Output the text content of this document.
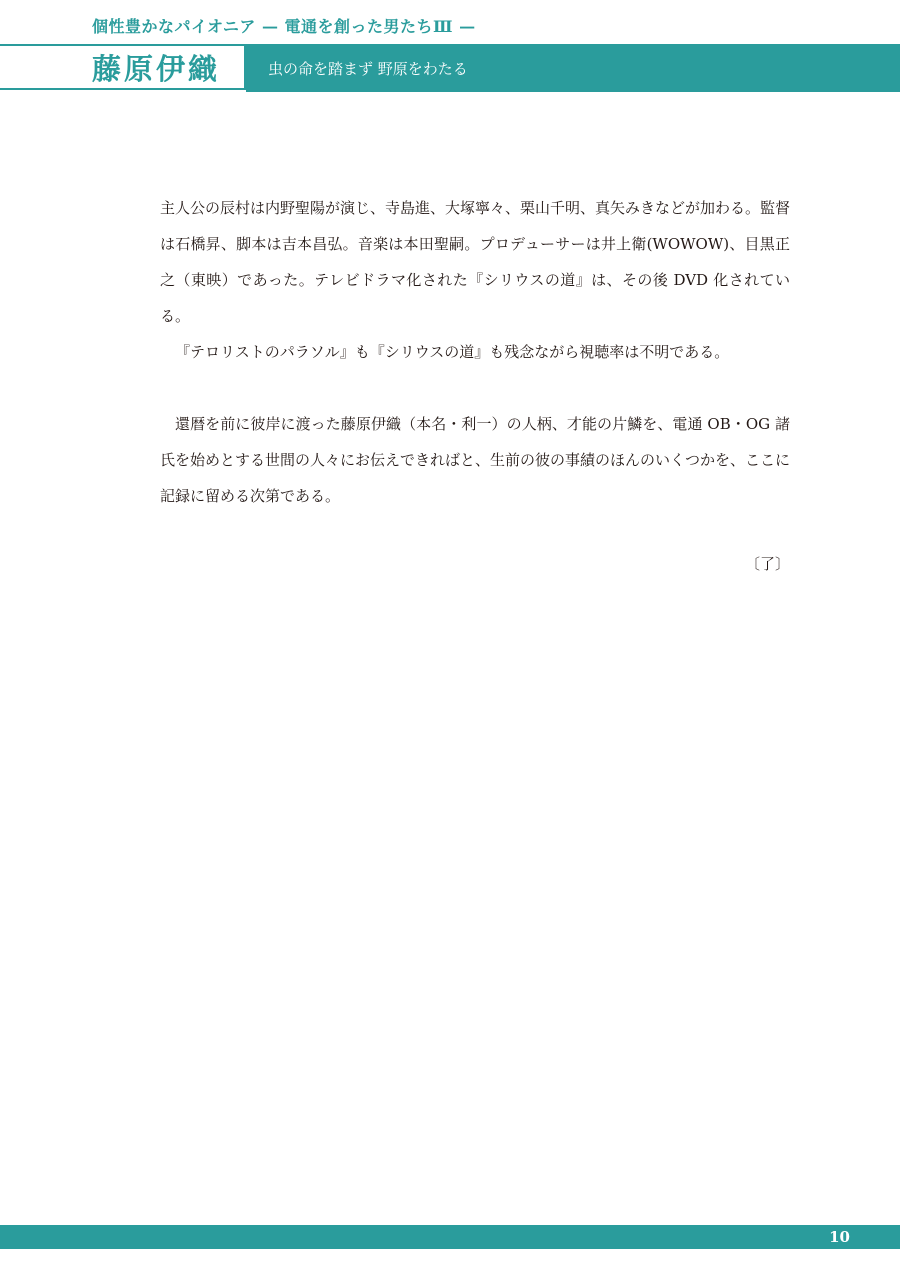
個性豊かなパイオニア — 電通を創った男たちⅢ —
藤原伊織	虫の命を踏まず 野原をわたる

主人公の辰村は内野聖陽が演じ、寺島進、大塚寧々、栗山千明、真矢みきなどが加わる。監督は石橋昇、脚本は吉本昌弘。音楽は本田聖嗣。プロデューサーは井上衛(WOWOW)、目黒正之（東映）であった。テレビドラマ化された『シリウスの道』は、その後 DVD 化されている。

『テロリストのパラソル』も『シリウスの道』も残念ながら視聴率は不明である。

還暦を前に彼岸に渡った藤原伊織（本名・利一）の人柄、才能の片鱗を、電通 OB・OG 諸氏を始めとする世間の人々にお伝えできればと、生前の彼の事績のほんのいくつかを、ここに記録に留める次第である。

〔了〕
10
